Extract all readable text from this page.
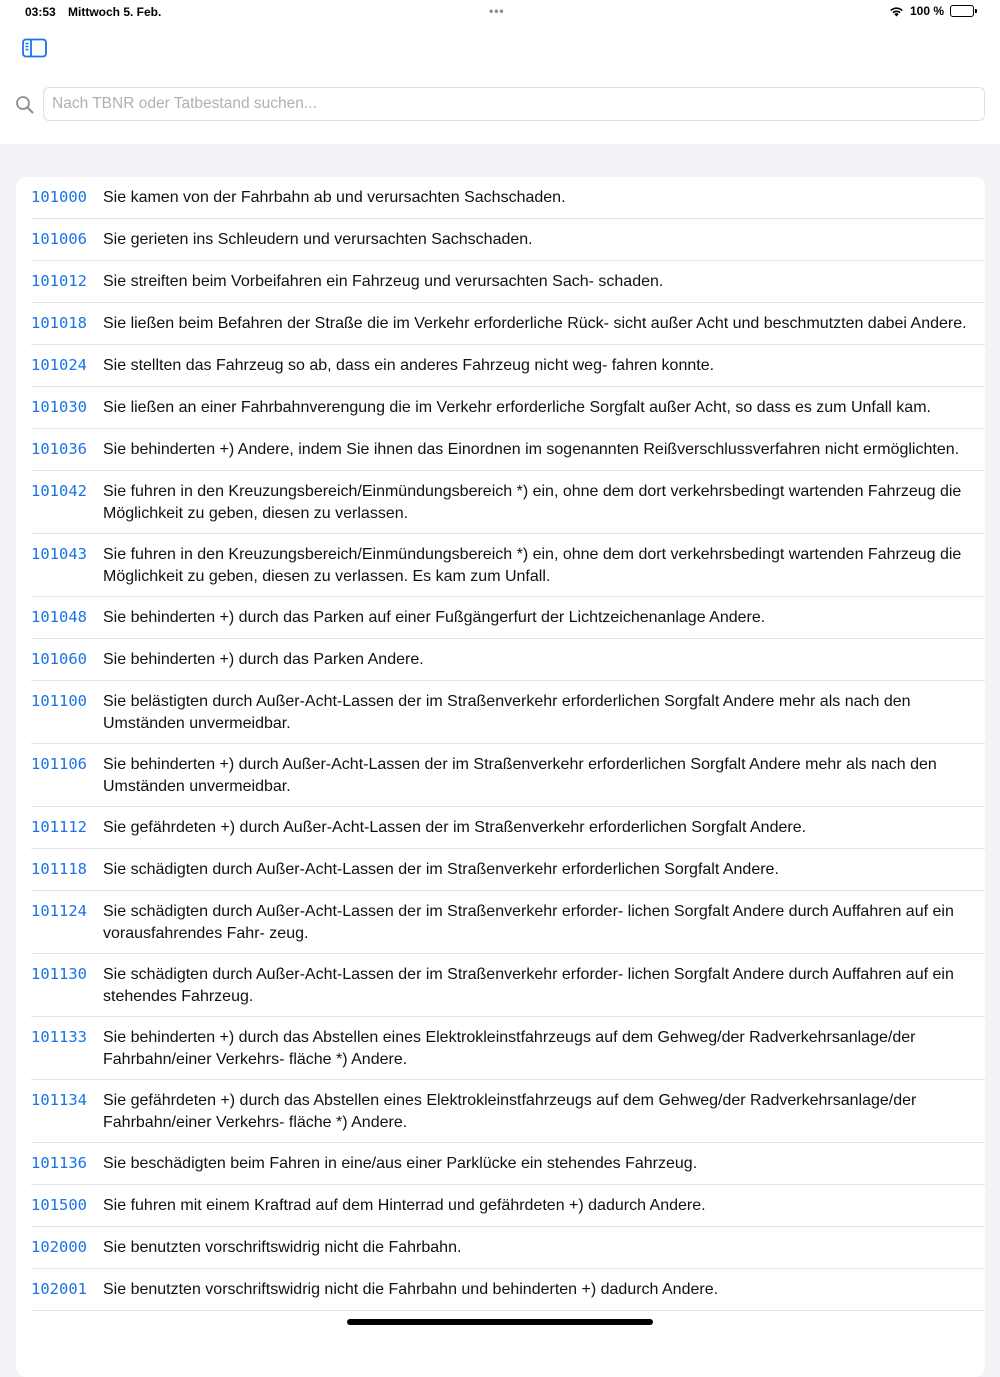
03:53 Mittwoch 5. Feb.	•••	100 %
Nach TBNR oder Tatbestand suchen...
101000	Sie kamen von der Fahrbahn ab und verursachten Sachschaden.
101006	Sie gerieten ins Schleudern und verursachten Sachschaden.
101012	Sie streiften beim Vorbeifahren ein Fahrzeug und verursachten Sach- schaden.
101018	Sie ließen beim Befahren der Straße die im Verkehr erforderliche Rück- sicht außer Acht und beschmutzten dabei Andere.
101024	Sie stellten das Fahrzeug so ab, dass ein anderes Fahrzeug nicht weg- fahren konnte.
101030	Sie ließen an einer Fahrbahnverengung die im Verkehr erforderliche Sorgfalt außer Acht, so dass es zum Unfall kam.
101036	Sie behinderten +) Andere, indem Sie ihnen das Einordnen im sogenannten Reißverschlussverfahren nicht ermöglichten.
101042	Sie fuhren in den Kreuzungsbereich/Einmündungsbereich *) ein, ohne dem dort verkehrsbedingt wartenden Fahrzeug die Möglichkeit zu geben, diesen zu verlassen.
101043	Sie fuhren in den Kreuzungsbereich/Einmündungsbereich *) ein, ohne dem dort verkehrsbedingt wartenden Fahrzeug die Möglichkeit zu geben, diesen zu verlassen. Es kam zum Unfall.
101048	Sie behinderten +) durch das Parken auf einer Fußgängerfurt der Lichtzeichenanlage Andere.
101060	Sie behinderten +) durch das Parken Andere.
101100	Sie belästigten durch Außer-Acht-Lassen der im Straßenverkehr erforderlichen Sorgfalt Andere mehr als nach den Umständen unvermeidbar.
101106	Sie behinderten +) durch Außer-Acht-Lassen der im Straßenverkehr erforderlichen Sorgfalt Andere mehr als nach den Umständen unvermeidbar.
101112	Sie gefährdeten +) durch Außer-Acht-Lassen der im Straßenverkehr erforderlichen Sorgfalt Andere.
101118	Sie schädigten durch Außer-Acht-Lassen der im Straßenverkehr erforderlichen Sorgfalt Andere.
101124	Sie schädigten durch Außer-Acht-Lassen der im Straßenverkehr erforder- lichen Sorgfalt Andere durch Auffahren auf ein vorausfahrendes Fahr- zeug.
101130	Sie schädigten durch Außer-Acht-Lassen der im Straßenverkehr erforder- lichen Sorgfalt Andere durch Auffahren auf ein stehendes Fahrzeug.
101133	Sie behinderten +) durch das Abstellen eines Elektrokleinstfahrzeugs auf dem Gehweg/der Radverkehrsanlage/der Fahrbahn/einer Verkehrs- fläche *) Andere.
101134	Sie gefährdeten +) durch das Abstellen eines Elektrokleinstfahrzeugs auf dem Gehweg/der Radverkehrsanlage/der Fahrbahn/einer Verkehrs- fläche *) Andere.
101136	Sie beschädigten beim Fahren in eine/aus einer Parklücke ein stehendes Fahrzeug.
101500	Sie fuhren mit einem Kraftrad auf dem Hinterrad und gefährdeten +) dadurch Andere.
102000	Sie benutzten vorschriftswidrig nicht die Fahrbahn.
102001	Sie benutzten vorschriftswidrig nicht die Fahrbahn und behinderten +) dadurch Andere.
